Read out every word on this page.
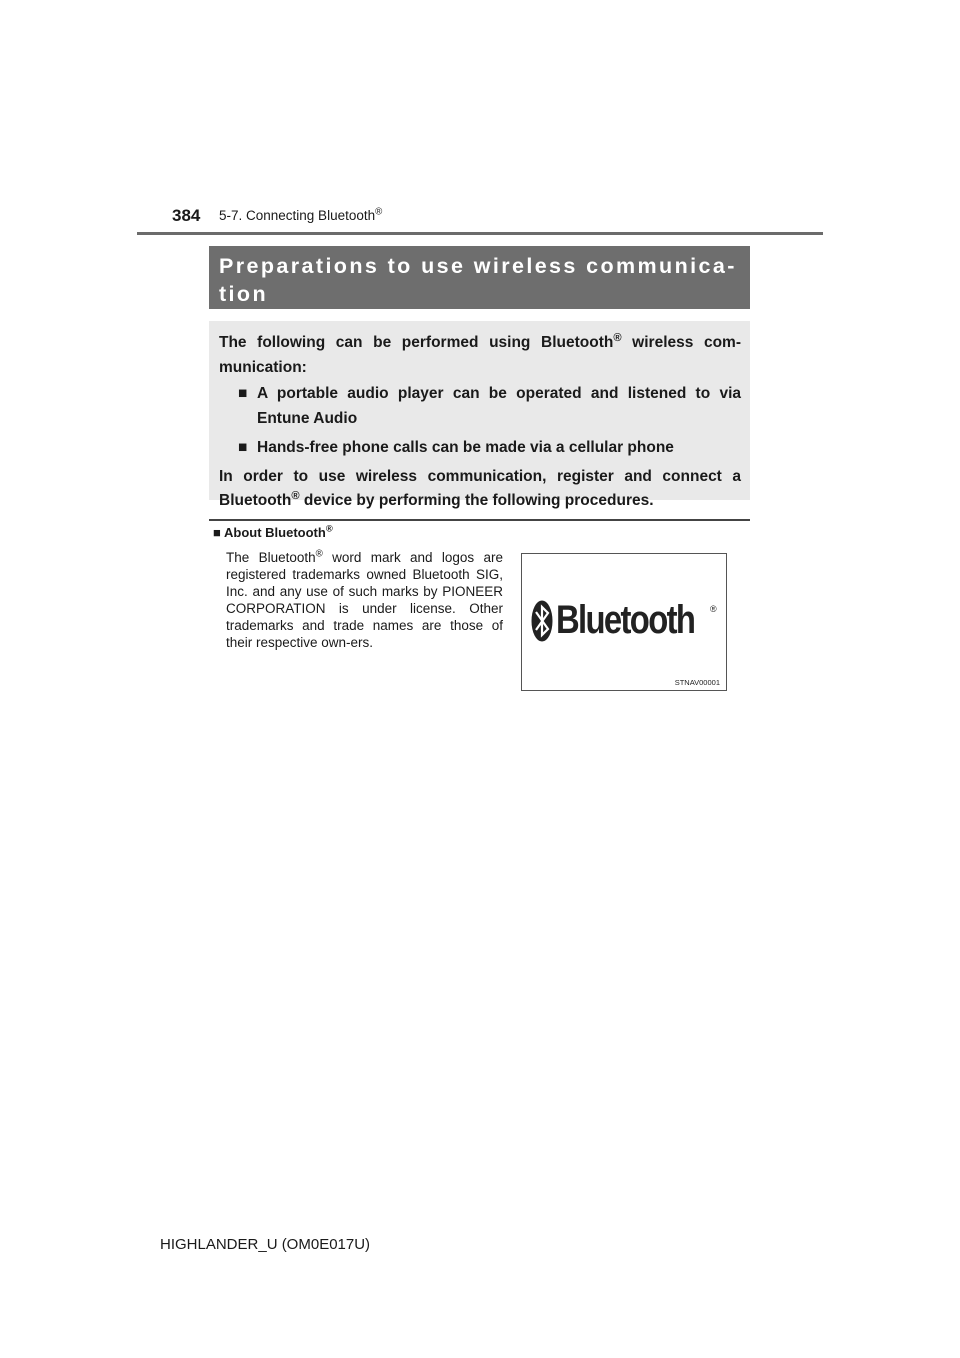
384 5-7. Connecting Bluetooth®
Preparations to use wireless communica-
tion

The following can be performed using Bluetooth® wireless com-munication:

■ A portable audio player can be operated and listened to via Entune Audio

■ Hands-free phone calls can be made via a cellular phone

In order to use wireless communication, register and connect a Bluetooth® device by performing the following procedures.

■ About Bluetooth®

The Bluetooth® word mark and logos are registered trademarks owned Bluetooth SIG, Inc. and any use of such marks by PIONEER CORPORATION is under license. Other trademarks and trade names are those of their respective own-ers.

Bluetooth ®
STNAV00001
HIGHLANDER_U (OM0E017U)
